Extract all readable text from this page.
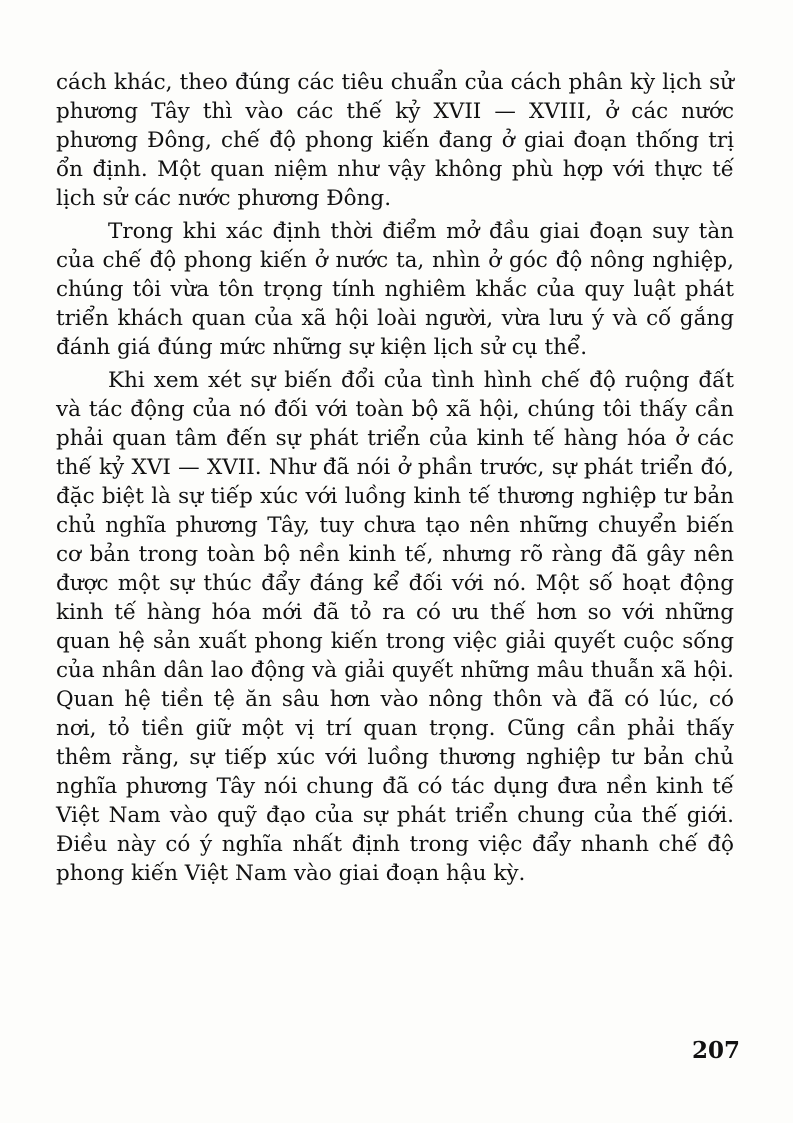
cách khác, theo đúng các tiêu chuẩn của cách phân kỳ lịch sử phương Tây thì vào các thế kỷ XVII — XVIII, ở các nước phương Đông, chế độ phong kiến đang ở giai đoạn thống trị ổn định. Một quan niệm như vậy không phù hợp với thực tế lịch sử các nước phương Đông.

Trong khi xác định thời điểm mở đầu giai đoạn suy tàn của chế độ phong kiến ở nước ta, nhìn ở góc độ nông nghiệp, chúng tôi vừa tôn trọng tính nghiêm khắc của quy luật phát triển khách quan của xã hội loài người, vừa lưu ý và cố gắng đánh giá đúng mức những sự kiện lịch sử cụ thể.

Khi xem xét sự biến đổi của tình hình chế độ ruộng đất và tác động của nó đối với toàn bộ xã hội, chúng tôi thấy cần phải quan tâm đến sự phát triển của kinh tế hàng hóa ở các thế kỷ XVI — XVII. Như đã nói ở phần trước, sự phát triển đó, đặc biệt là sự tiếp xúc với luồng kinh tế thương nghiệp tư bản chủ nghĩa phương Tây, tuy chưa tạo nên những chuyển biến cơ bản trong toàn bộ nền kinh tế, nhưng rõ ràng đã gây nên được một sự thúc đẩy đáng kể đối với nó. Một số hoạt động kinh tế hàng hóa mới đã tỏ ra có ưu thế hơn so với những quan hệ sản xuất phong kiến trong việc giải quyết cuộc sống của nhân dân lao động và giải quyết những mâu thuẫn xã hội. Quan hệ tiền tệ ăn sâu hơn vào nông thôn và đã có lúc, có nơi, tỏ tiền giữ một vị trí quan trọng. Cũng cần phải thấy thêm rằng, sự tiếp xúc với luồng thương nghiệp tư bản chủ nghĩa phương Tây nói chung đã có tác dụng đưa nền kinh tế Việt Nam vào quỹ đạo của sự phát triển chung của thế giới. Điều này có ý nghĩa nhất định trong việc đẩy nhanh chế độ phong kiến Việt Nam vào giai đoạn hậu kỳ.

207
